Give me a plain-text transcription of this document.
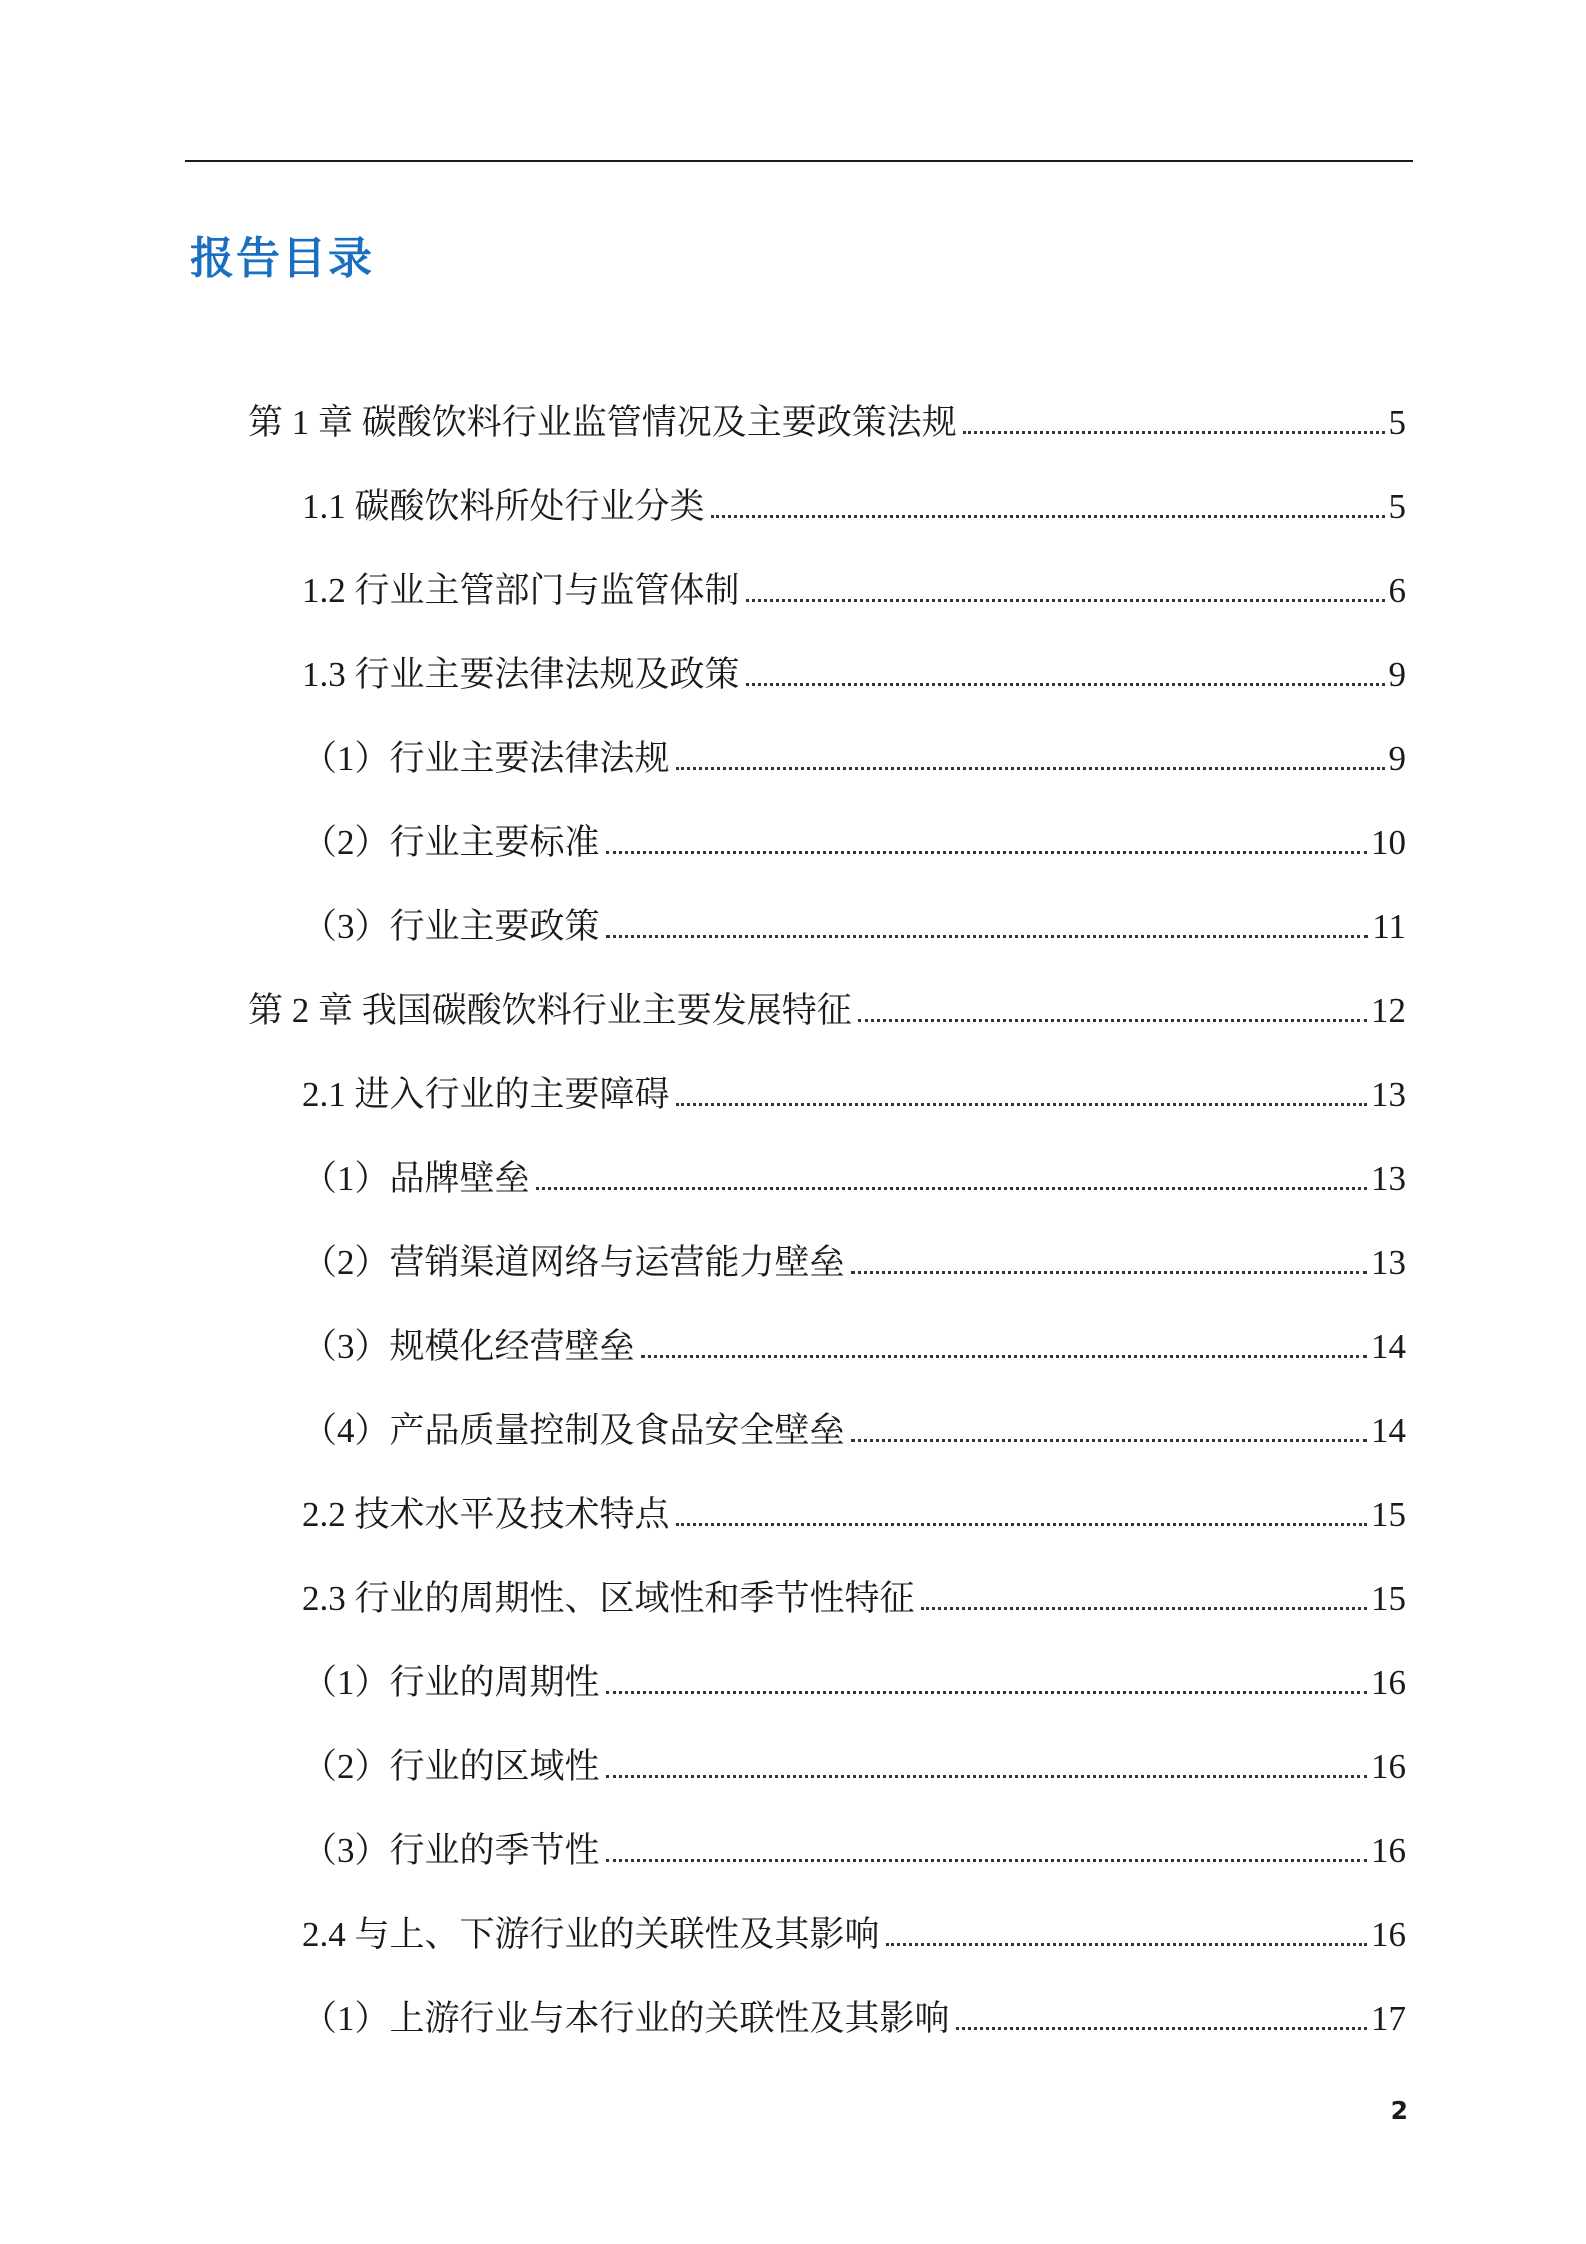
报告目录
第 1 章 碳酸饮料行业监管情况及主要政策法规	5
1.1 碳酸饮料所处行业分类	5
1.2 行业主管部门与监管体制	6
1.3 行业主要法律法规及政策	9
（1）行业主要法律法规	9
（2）行业主要标准	10
（3）行业主要政策	11
第 2 章 我国碳酸饮料行业主要发展特征	12
2.1 进入行业的主要障碍	13
（1）品牌壁垒	13
（2）营销渠道网络与运营能力壁垒	13
（3）规模化经营壁垒	14
（4）产品质量控制及食品安全壁垒	14
2.2 技术水平及技术特点	15
2.3 行业的周期性、区域性和季节性特征	15
（1）行业的周期性	16
（2）行业的区域性	16
（3）行业的季节性	16
2.4 与上、下游行业的关联性及其影响	16
（1）上游行业与本行业的关联性及其影响	17
2
